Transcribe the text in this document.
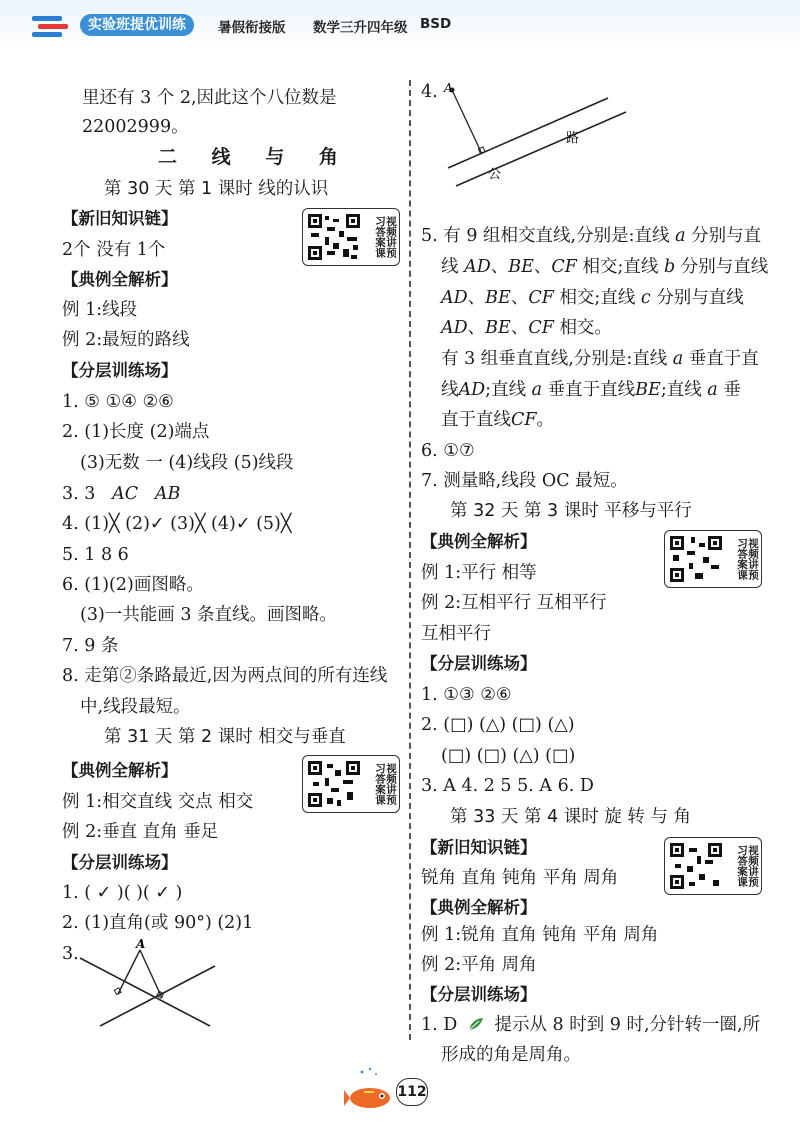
实验班提优训练	暑假衔接版 数学三升四年级 BSD
里还有 3 个 2,因此这个八位数是
22002999。
二 线 与 角
第 30 天 第 1 课时 线的认识
视频讲预习答案课
【新旧知识链】
2个 没有 1个
【典例全解析】
例 1:线段
例 2:最短的路线
【分层训练场】
1. ⑤ ①④ ②⑥
2. (1)长度 (2)端点
(3)无数 一 (4)线段 (5)线段
3. 3 AC AB
4. (1)╳ (2)✓ (3)╳ (4)✓ (5)╳
5. 1 8 6
6. (1)(2)画图略。
(3)一共能画 3 条直线。画图略。
7. 9 条
8. 走第②条路最近,因为两点间的所有连线
中,线段最短。
第 31 天 第 2 课时 相交与垂直
视频讲预习答案课
【典例全解析】
例 1:相交直线 交点 相交
例 2:垂直 直角 垂足
【分层训练场】
1. ( ✓ )( )( ✓ )
2. (1)直角(或 90°) (2)1
3.	A
4. A
路
公
5. 有 9 组相交直线,分别是:直线 a 分别与直
线 AD、BE、CF 相交;直线 b 分别与直线
AD、BE、CF 相交;直线 c 分别与直线
AD、BE、CF 相交。
有 3 组垂直直线,分别是:直线 a 垂直于直
线AD;直线 a 垂直于直线BE;直线 a 垂
直于直线CF。
6. ①⑦
7. 测量略,线段 OC 最短。
第 32 天 第 3 课时 平移与平行
视频讲预习答案课
【典例全解析】
例 1:平行 相等
例 2:互相平行 互相平行
互相平行
【分层训练场】
1. ①③ ②⑥
2. (□) (△) (□) (△)
(□) (□) (△) (□)
3. A 4. 2 5 5. A 6. D
第 33 天 第 4 课时 旋 转 与 角
视频讲预习答案课
【新旧知识链】
锐角 直角 钝角 平角 周角
【典例全解析】
例 1:锐角 直角 钝角 平角 周角
例 2:平角 周角
【分层训练场】
1. D 提示从 8 时到 9 时,分针转一圈,所
形成的角是周角。
112
